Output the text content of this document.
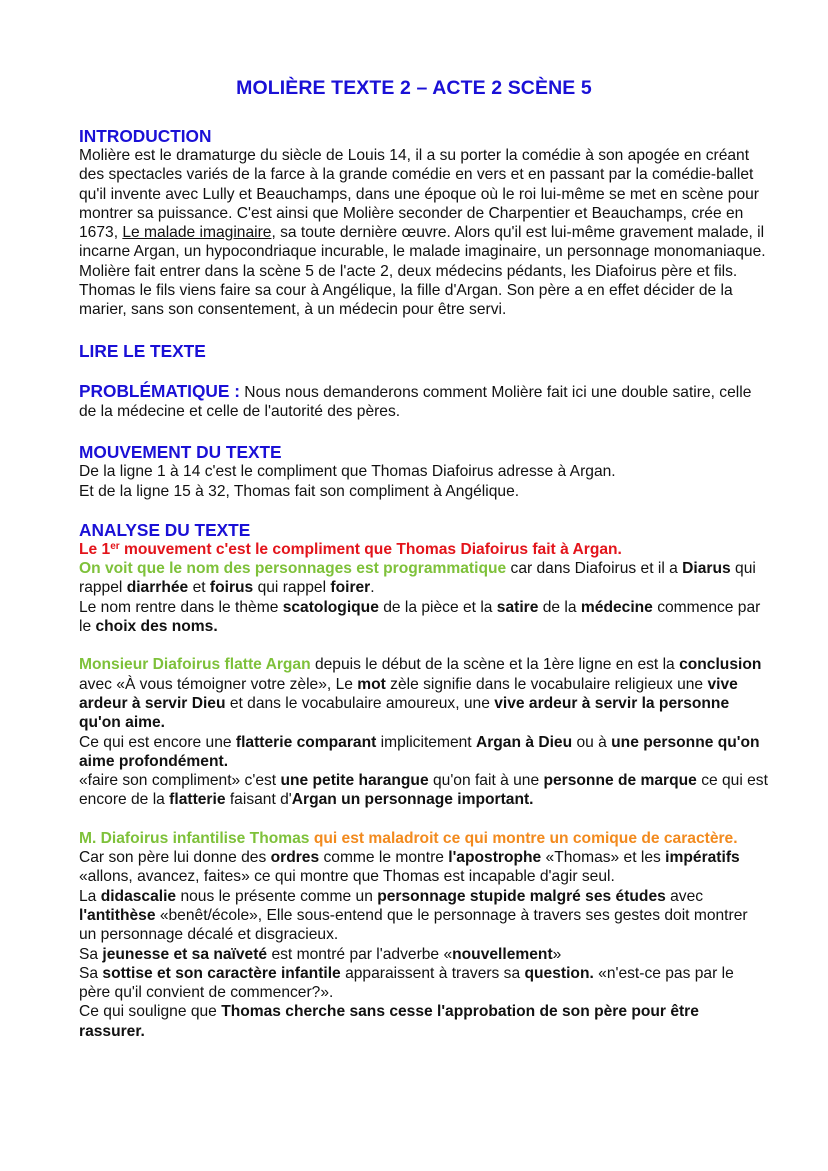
MOLIÈRE TEXTE 2 – ACTE 2 SCÈNE 5
INTRODUCTION

Molière est le dramaturge du siècle de Louis 14, il a su porter la comédie à son apogée en créant des spectacles variés de la farce à la grande comédie en vers et en passant par la comédie-ballet qu'il invente avec Lully et Beauchamps, dans une époque où le roi lui-même se met en scène pour montrer sa puissance. C'est ainsi que Molière seconder de Charpentier et Beauchamps, crée en 1673, Le malade imaginaire, sa toute dernière œuvre. Alors qu'il est lui-même gravement malade, il incarne Argan, un hypocondriaque incurable, le malade imaginaire, un personnage monomaniaque. Molière fait entrer dans la scène 5 de l'acte 2, deux médecins pédants, les Diafoirus père et fils. Thomas le fils viens faire sa cour à Angélique, la fille d'Argan. Son père a en effet décider de la marier, sans son consentement, à un médecin pour être servi.

LIRE LE TEXTE

PROBLÉMATIQUE : Nous nous demanderons comment Molière fait ici une double satire, celle de la médecine et celle de l'autorité des pères.

MOUVEMENT DU TEXTE

De la ligne 1 à 14 c'est le compliment que Thomas Diafoirus adresse à Argan.

Et de la ligne 15 à 32, Thomas fait son compliment à Angélique.

ANALYSE DU TEXTE

Le 1er mouvement c'est le compliment que Thomas Diafoirus fait à Argan.

On voit que le nom des personnages est programmatique car dans Diafoirus et il a Diarus qui rappel diarrhée et foirus qui rappel foirer.

Le nom rentre dans le thème scatologique de la pièce et la satire de la médecine commence par le choix des noms.

Monsieur Diafoirus flatte Argan depuis le début de la scène et la 1ère ligne en est la conclusion avec «À vous témoigner votre zèle», Le mot zèle signifie dans le vocabulaire religieux une vive ardeur à servir Dieu et dans le vocabulaire amoureux, une vive ardeur à servir la personne qu'on aime.

Ce qui est encore une flatterie comparant implicitement Argan à Dieu ou à une personne qu'on aime profondément.

«faire son compliment» c'est une petite harangue qu'on fait à une personne de marque ce qui est encore de la flatterie faisant d'Argan un personnage important.

M. Diafoirus infantilise Thomas qui est maladroit ce qui montre un comique de caractère.

Car son père lui donne des ordres comme le montre l'apostrophe «Thomas» et les impératifs «allons, avancez, faites» ce qui montre que Thomas est incapable d'agir seul.

La didascalie nous le présente comme un personnage stupide malgré ses études avec l'antithèse «benêt/école», Elle sous-entend que le personnage à travers ses gestes doit montrer un personnage décalé et disgracieux.

Sa jeunesse et sa naïveté est montré par l'adverbe «nouvellement»

Sa sottise et son caractère infantile apparaissent à travers sa question. «n'est-ce pas par le père qu'il convient de commencer?».

Ce qui souligne que Thomas cherche sans cesse l'approbation de son père pour être rassurer.
